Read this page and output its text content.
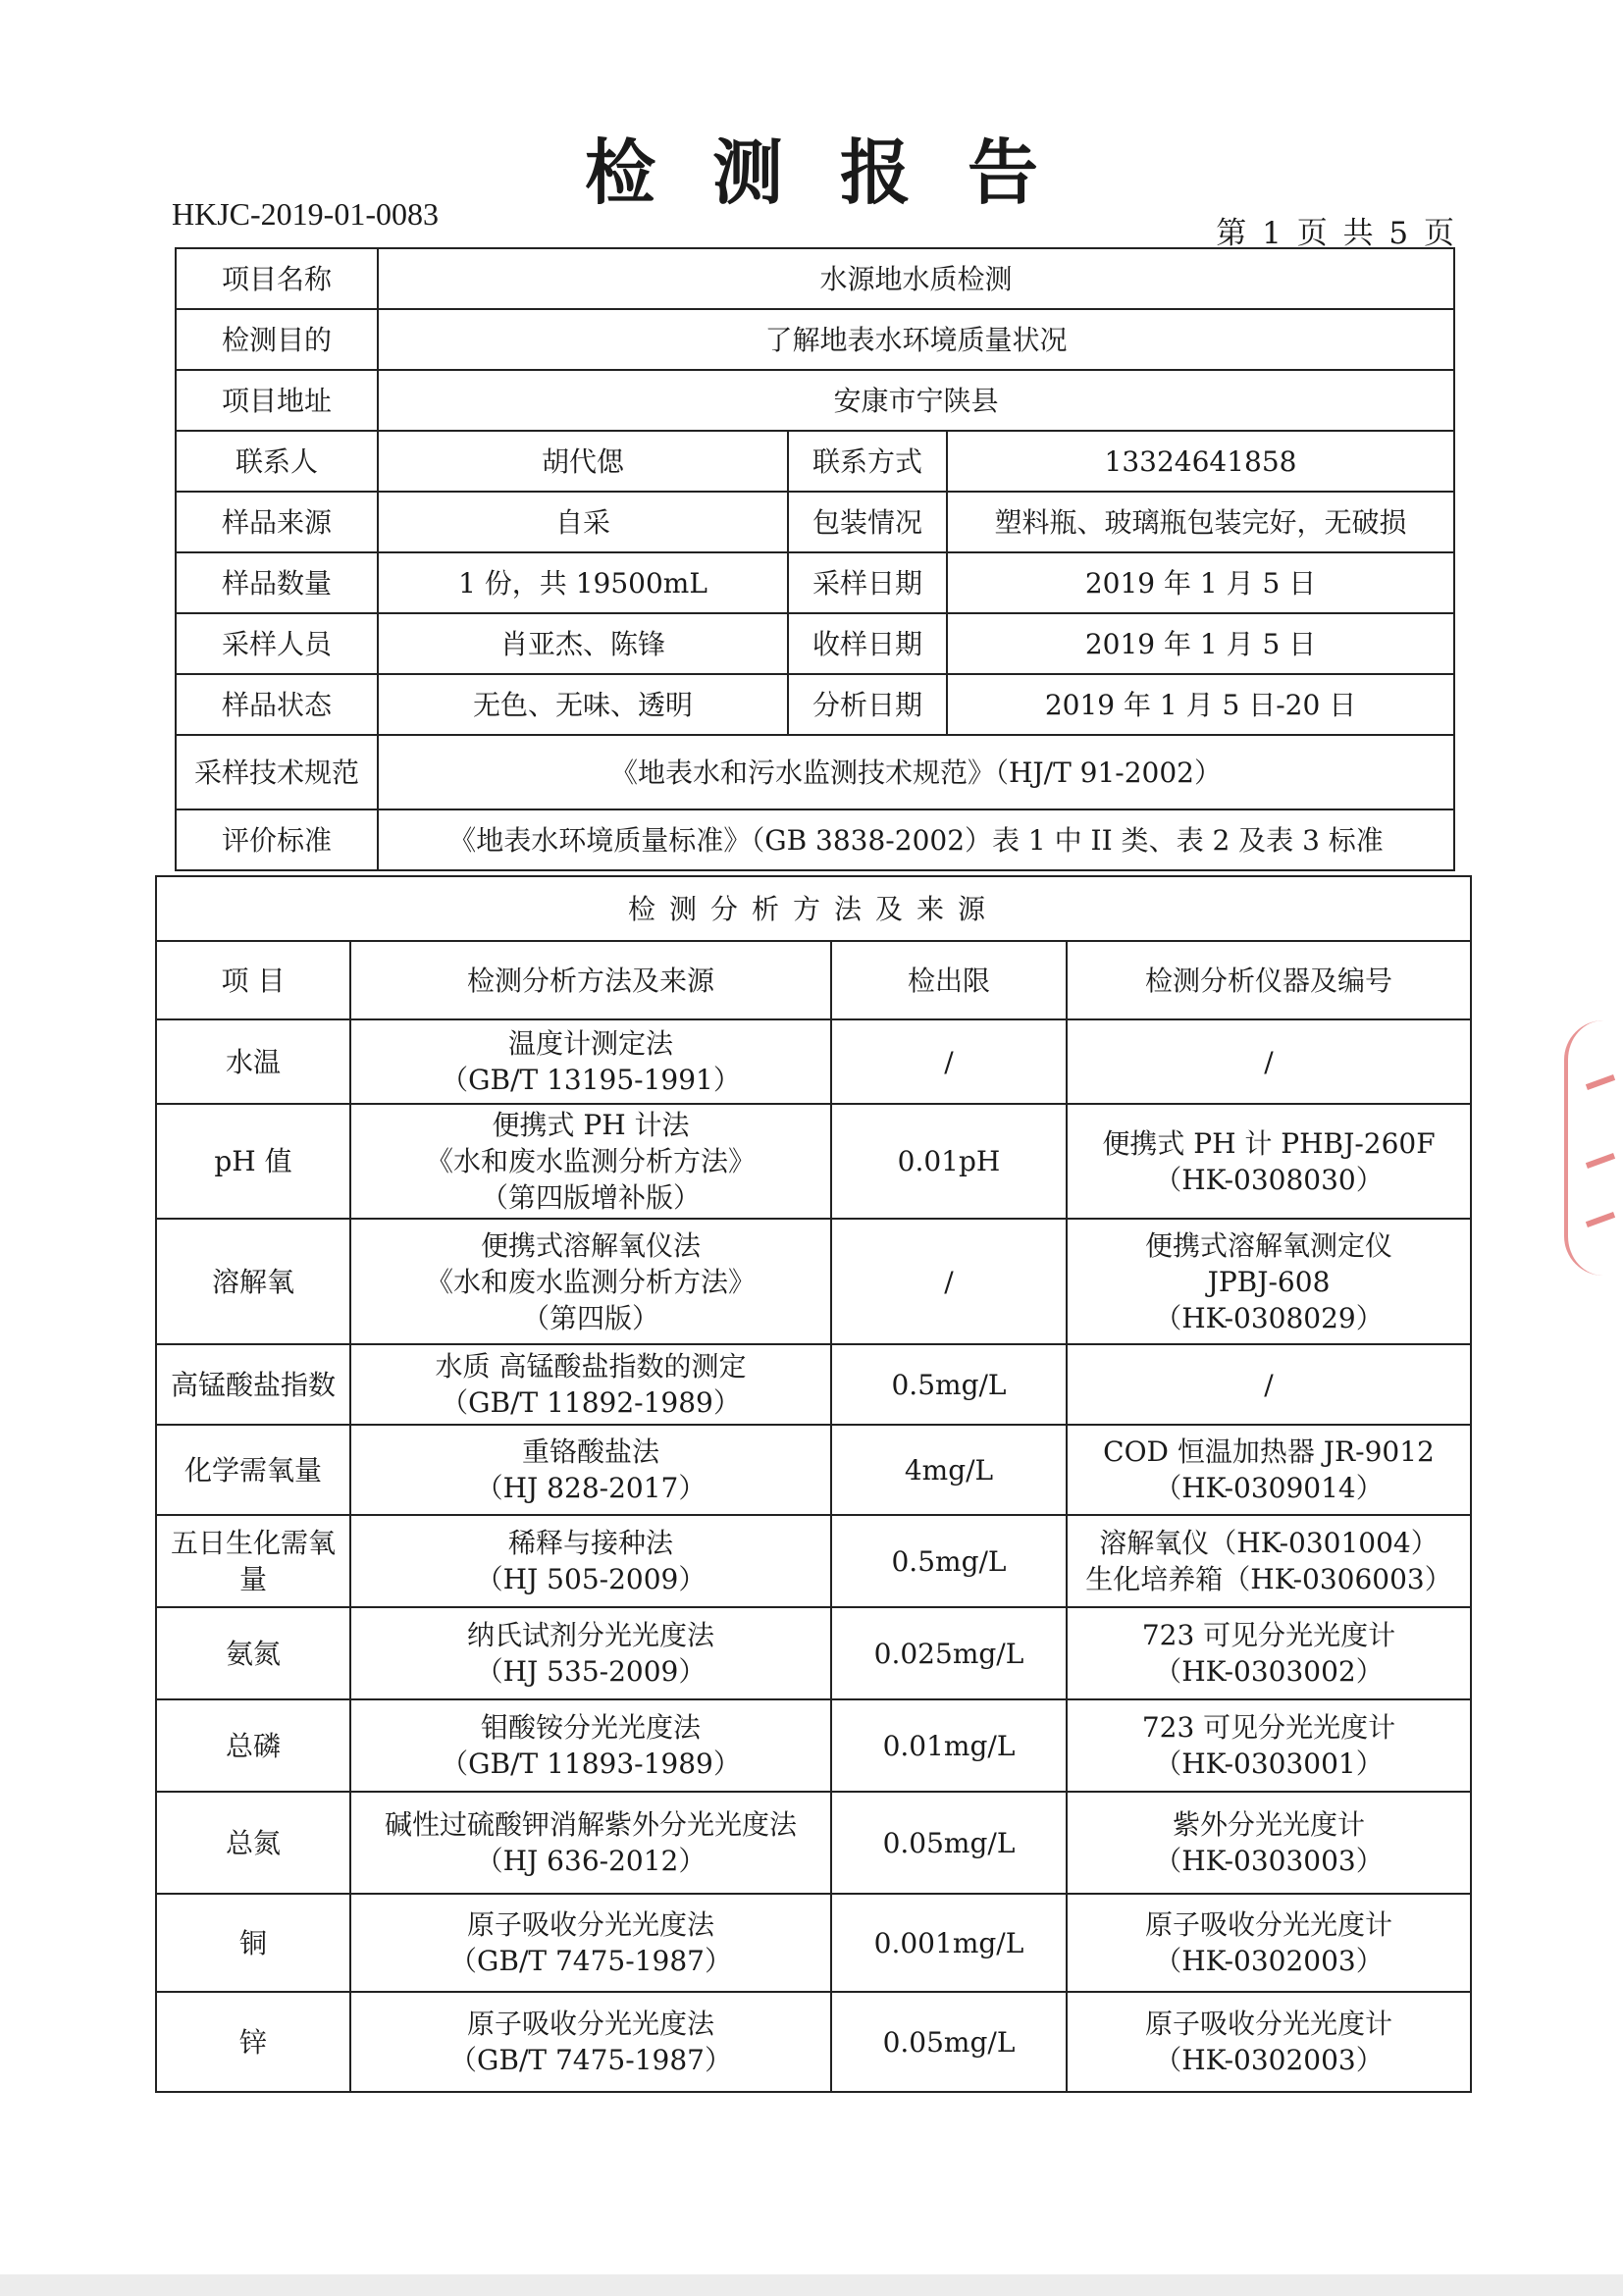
检测报告
HKJC-2019-01-0083
第 1 页 共 5 页
项目名称	水源地水质检测		
检测目的	了解地表水环境质量状况		
项目地址	安康市宁陕县		
联系人	胡代偲	联系方式	13324641858
样品来源	自采	包装情况	塑料瓶、玻璃瓶包装完好，无破损
样品数量	1 份，共 19500mL	采样日期	2019 年 1 月 5 日
采样人员	肖亚杰、陈锋	收样日期	2019 年 1 月 5 日
样品状态	无色、无味、透明	分析日期	2019 年 1 月 5 日-20 日
采样技术规范	《地表水和污水监测技术规范》（HJ/T 91-2002）		
评价标准	《地表水环境质量标准》（GB 3838-2002）表 1 中 II 类、表 2 及表 3 标准		
检测分析方法及来源			
项 目	检测分析方法及来源	检出限	检测分析仪器及编号
水温	温度计测定法
（GB/T 13195-1991）	/	/
pH 值	便携式 PH 计法
《水和废水监测分析方法》
（第四版增补版）	0.01pH	便携式 PH 计 PHBJ-260F
（HK-0308030）
溶解氧	便携式溶解氧仪法
《水和废水监测分析方法》
（第四版）	/	便携式溶解氧测定仪
JPBJ-608
（HK-0308029）
高锰酸盐指数	水质 高锰酸盐指数的测定
（GB/T 11892-1989）	0.5mg/L	/
化学需氧量	重铬酸盐法
（HJ 828-2017）	4mg/L	COD 恒温加热器 JR-9012
（HK-0309014）
五日生化需氧量	稀释与接种法
（HJ 505-2009）	0.5mg/L	溶解氧仪（HK-0301004）
生化培养箱（HK-0306003）
氨氮	纳氏试剂分光光度法
（HJ 535-2009）	0.025mg/L	723 可见分光光度计
（HK-0303002）
总磷	钼酸铵分光光度法
（GB/T 11893-1989）	0.01mg/L	723 可见分光光度计
（HK-0303001）
总氮	碱性过硫酸钾消解紫外分光光度法
（HJ 636-2012）	0.05mg/L	紫外分光光度计
（HK-0303003）
铜	原子吸收分光光度法
（GB/T 7475-1987）	0.001mg/L	原子吸收分光光度计
（HK-0302003）
锌	原子吸收分光光度法
（GB/T 7475-1987）	0.05mg/L	原子吸收分光光度计
（HK-0302003）
